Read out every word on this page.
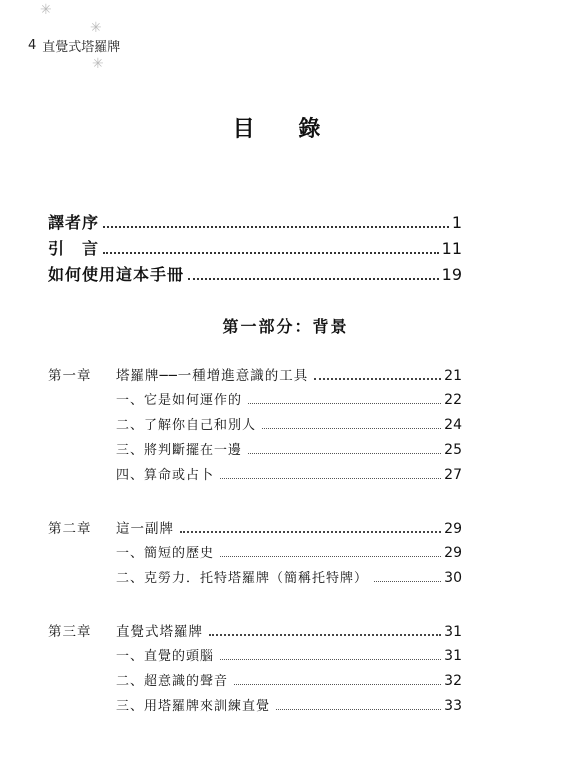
✳
✳
✳
4 直覺式塔羅牌
目 錄
譯者序	1
引　言	11
如何使用這本手冊	19
第一部分：背景
第一章	塔羅牌──一種增進意識的工具	21
一、它是如何運作的	22
二、了解你自己和別人	24
三、將判斷擺在一邊	25
四、算命或占卜	27
第二章	這一副牌	29
一、簡短的歷史	29
二、克勞力．托特塔羅牌（簡稱托特牌）	30
第三章	直覺式塔羅牌	31
一、直覺的頭腦	31
二、超意識的聲音	32
三、用塔羅牌來訓練直覺	33
